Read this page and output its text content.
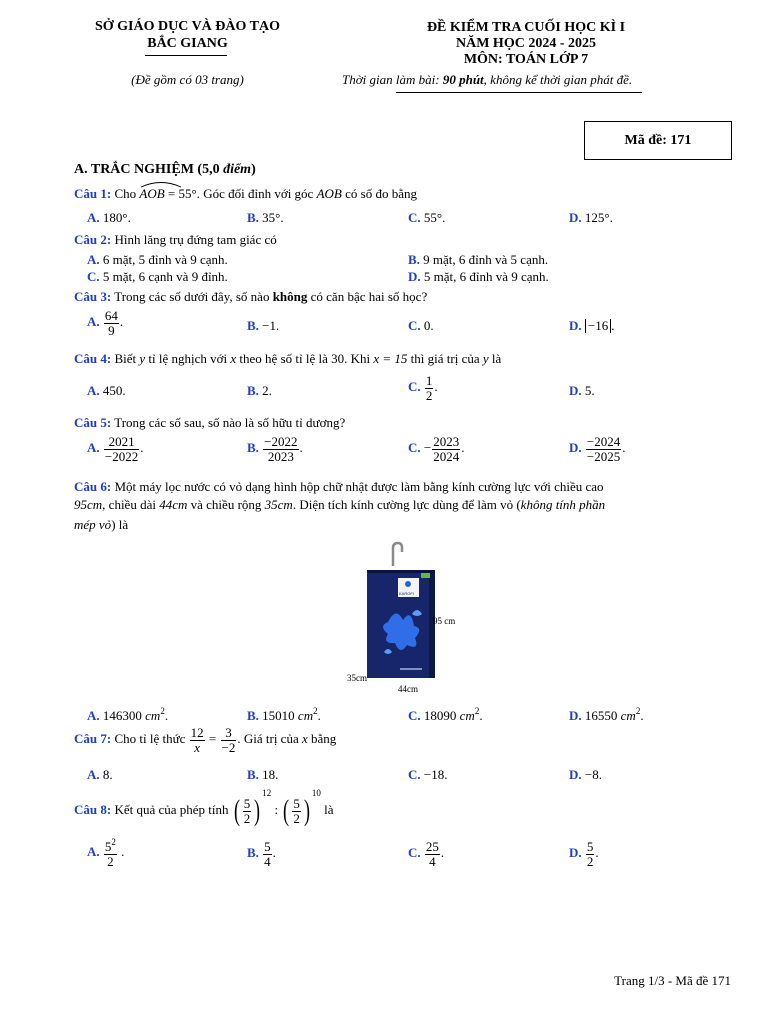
SỞ GIÁO DỤC VÀ ĐÀO TẠO
BẮC GIANG
(Đề gồm có 03 trang)
ĐỀ KIỂM TRA CUỐI HỌC KÌ I
NĂM HỌC 2024 - 2025
MÔN: TOÁN LỚP 7
Thời gian làm bài: 90 phút, không kể thời gian phát đề.
Mã đề: 171
A. TRẮC NGHIỆM (5,0 điểm)
Câu 1: Cho
AOB = 55°. Góc đối đỉnh với góc AOB có số đo bằng
A. 180°.	B. 35°.	C. 55°.	D. 125°.
Câu 2: Hình lăng trụ đứng tam giác có
A. 6 mặt, 5 đỉnh và 9 cạnh.	B. 9 mặt, 6 đỉnh và 5 cạnh.
C. 5 mặt, 6 cạnh và 9 đỉnh.	D. 5 mặt, 6 đỉnh và 9 cạnh.
Câu 3: Trong các số dưới đây, số nào không có căn bậc hai số học?
A. $\frac{64}{9}$ .	B. −1.	C. 0.	D. −16 .
Câu 4: Biết y tỉ lệ nghịch với x theo hệ số tỉ lệ là 30. Khi x = 15 thì giá trị của y là
A. 450.	B. 2.	C. $\frac{1}{2}$ .	D. 5.
Câu 5: Trong các số sau, số nào là số hữu tỉ dương?
A. $\frac{2021}{-2022}$ .	B. $\frac{-2022}{2023}$ .	C. − $\frac{2023}{2024}$ .	D. $\frac{-2024}{-2025}$ .
Câu 6: Một máy lọc nước có vỏ dạng hình hộp chữ nhật được làm bằng kính cường lực với chiều cao
95cm, chiều dài 44cm và chiều rộng 35cm. Diện tích kính cường lực dùng để làm vỏ (không tính phần
mép vỏ) là
KAROFI
95 cm
35cm
44cm
A. 146300 $cm^2$.	B. 15010 $cm^2$.	C. 18090 $cm^2$.	D. 16550 $cm^2$.
Câu 7: Cho tỉ lệ thức $\frac{12}{x} = \frac{3}{-2}$ . Giá trị của x bằng
A. 8.	B. 18.	C. −18.	D. −8.
Câu 8: Kết quả của phép tính ( $\frac{5}{2} )^{12}$ : ( $\frac{5}{2} )^{10}$ là
A. $\frac{5^2}{2}$ .	B. $\frac{5}{4}$ .	C. $\frac{25}{4}$ .	D. $\frac{5}{2}$ .
Trang 1/3 - Mã đề 171
